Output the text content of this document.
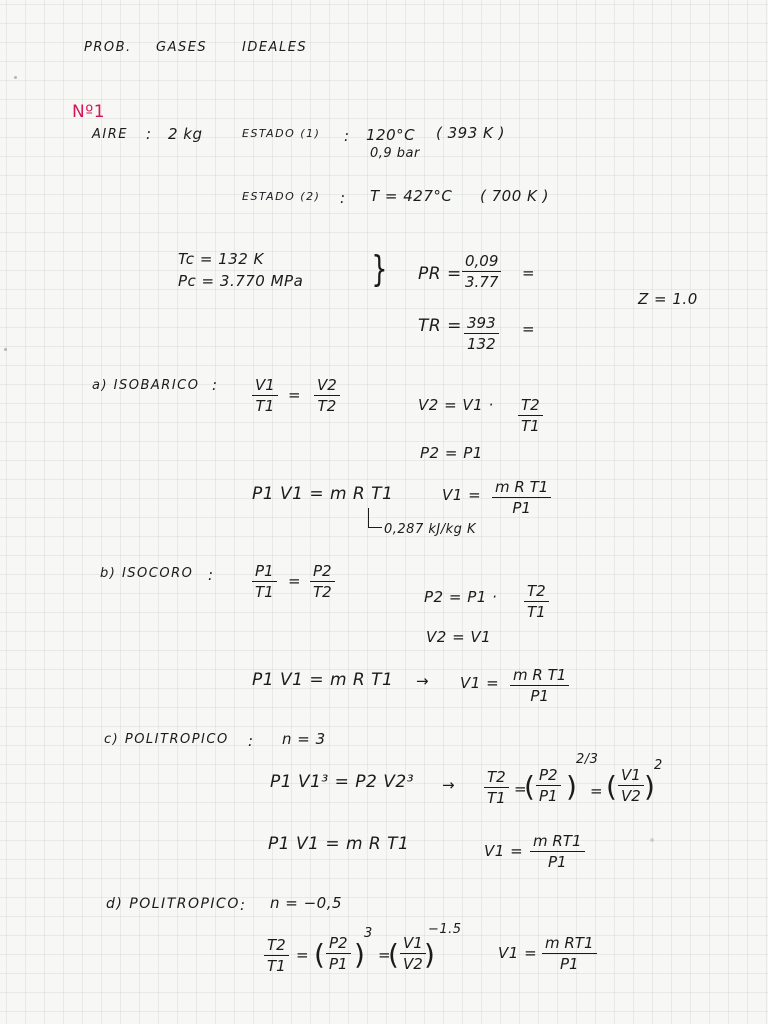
PROB. GASES	IDEALES
Nº1
AIRE : 2 kg	ESTADO (1) : 120°C ( 393 K )
0,9 bar
ESTADO (2) : T = 427°C ( 700 K )
Tc = 132 K
Pc = 3.770 MPa } PR = $\frac{0,09}{3.77}$ =
TR = $\frac{393}{132}$ =
Z = 1.0
a) ISOBARICO : $\frac{V1}{T1} = \frac{V2}{T2}$	$V2 = V1 \cdot \frac{T2}{T1}$
P2 = P1
P1 V1 = m R T1	$V1 = \frac{\text{m R T1}}{P1}$
0,287 kJ/kg K
b) ISOCORO :	$\frac{P1}{T1} = \frac{P2}{T2}$	$P2 = P1 \cdot \frac{T2}{T1}$
V2 = V1
P1 V1 = m R $T1 \to V1 = \frac{\text{m R T1}}{P1}$
c) POLITROPICO : n = 3
P1 V1³ = P2 $V2^3 \to \frac{T2}{T1}$ =
( $\frac{P2}{P1}$ )
2/3
= ( $\frac{V1}{V2}$ )
2
P1 V1 = m R T1	$V1 = \frac{\text{m RT1}}{P1}$
d) POLITROPICO : n = −0,5
$\frac{T2}{T1}$ = ( $\frac{P2}{P1}$ )
3
=
( $\frac{V1}{V2}$
)
−1.5
$V1 = \frac{\text{m RT1}}{P1}$
